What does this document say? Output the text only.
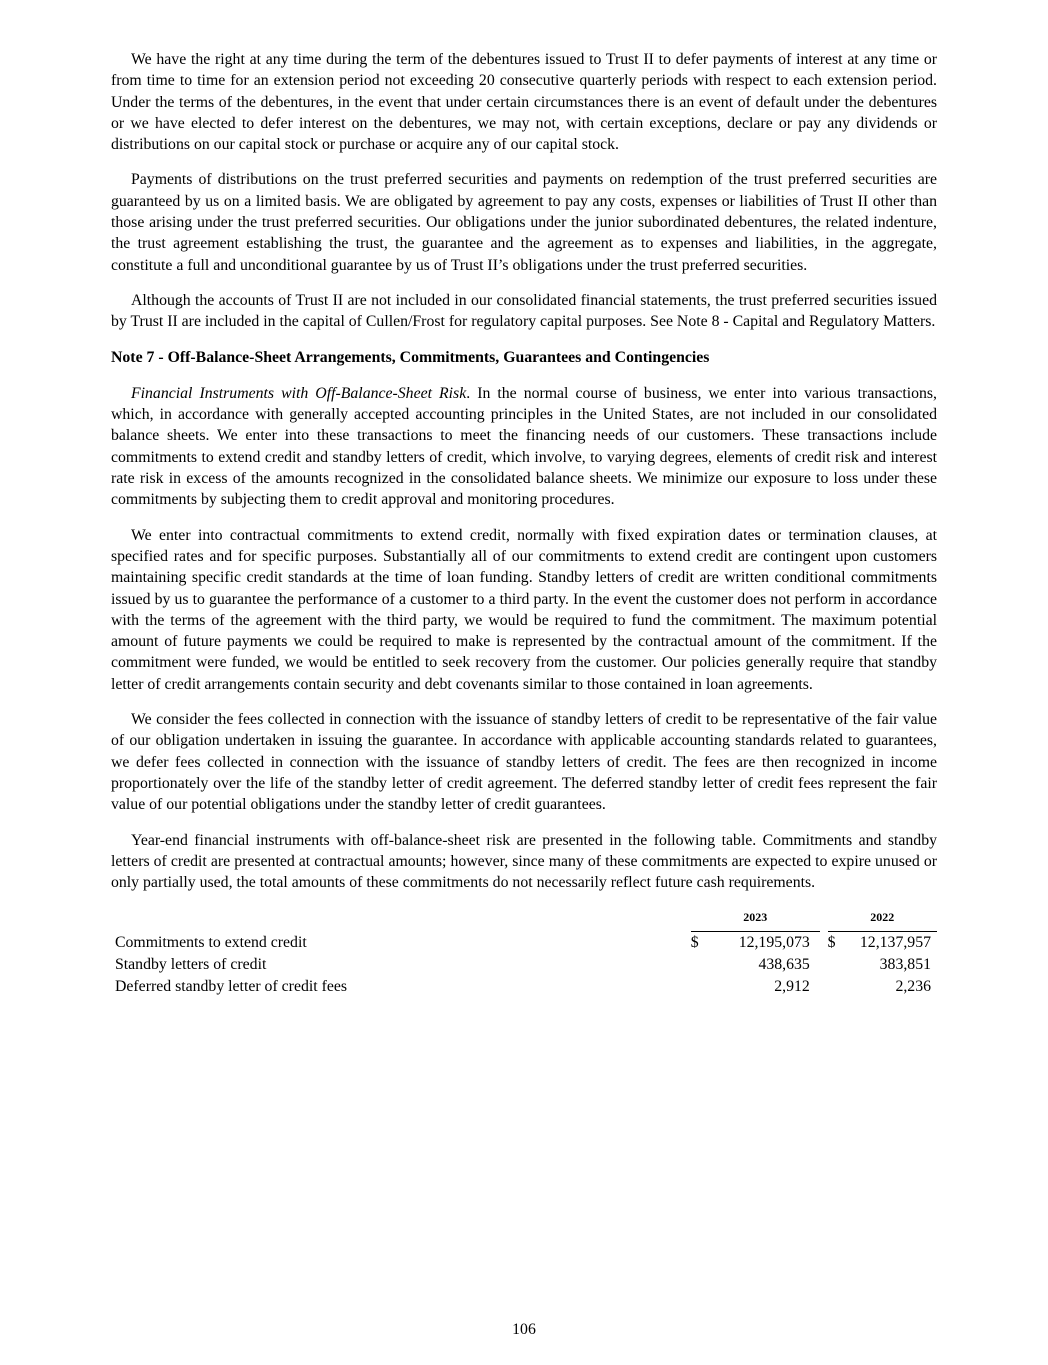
We have the right at any time during the term of the debentures issued to Trust II to defer payments of interest at any time or from time to time for an extension period not exceeding 20 consecutive quarterly periods with respect to each extension period. Under the terms of the debentures, in the event that under certain circumstances there is an event of default under the debentures or we have elected to defer interest on the debentures, we may not, with certain exceptions, declare or pay any dividends or distributions on our capital stock or purchase or acquire any of our capital stock.

Payments of distributions on the trust preferred securities and payments on redemption of the trust preferred securities are guaranteed by us on a limited basis. We are obligated by agreement to pay any costs, expenses or liabilities of Trust II other than those arising under the trust preferred securities. Our obligations under the junior subordinated debentures, the related indenture, the trust agreement establishing the trust, the guarantee and the agreement as to expenses and liabilities, in the aggregate, constitute a full and unconditional guarantee by us of Trust II’s obligations under the trust preferred securities.

Although the accounts of Trust II are not included in our consolidated financial statements, the trust preferred securities issued by Trust II are included in the capital of Cullen/Frost for regulatory capital purposes. See Note 8 - Capital and Regulatory Matters.

Note 7 - Off-Balance-Sheet Arrangements, Commitments, Guarantees and Contingencies

Financial Instruments with Off-Balance-Sheet Risk. In the normal course of business, we enter into various transactions, which, in accordance with generally accepted accounting principles in the United States, are not included in our consolidated balance sheets. We enter into these transactions to meet the financing needs of our customers. These transactions include commitments to extend credit and standby letters of credit, which involve, to varying degrees, elements of credit risk and interest rate risk in excess of the amounts recognized in the consolidated balance sheets. We minimize our exposure to loss under these commitments by subjecting them to credit approval and monitoring procedures.

We enter into contractual commitments to extend credit, normally with fixed expiration dates or termination clauses, at specified rates and for specific purposes. Substantially all of our commitments to extend credit are contingent upon customers maintaining specific credit standards at the time of loan funding. Standby letters of credit are written conditional commitments issued by us to guarantee the performance of a customer to a third party. In the event the customer does not perform in accordance with the terms of the agreement with the third party, we would be required to fund the commitment. The maximum potential amount of future payments we could be required to make is represented by the contractual amount of the commitment. If the commitment were funded, we would be entitled to seek recovery from the customer. Our policies generally require that standby letter of credit arrangements contain security and debt covenants similar to those contained in loan agreements.

We consider the fees collected in connection with the issuance of standby letters of credit to be representative of the fair value of our obligation undertaken in issuing the guarantee. In accordance with applicable accounting standards related to guarantees, we defer fees collected in connection with the issuance of standby letters of credit. The fees are then recognized in income proportionately over the life of the standby letter of credit agreement. The deferred standby letter of credit fees represent the fair value of our potential obligations under the standby letter of credit guarantees.

Year-end financial instruments with off-balance-sheet risk are presented in the following table. Commitments and standby letters of credit are presented at contractual amounts; however, since many of these commitments are expected to expire unused or only partially used, the total amounts of these commitments do not necessarily reflect future cash requirements.

	2023			2022	
Commitments to extend credit	$	12,195,073		$	12,137,957
Standby letters of credit		438,635			383,851
Deferred standby letter of credit fees		2,912			2,236
106
